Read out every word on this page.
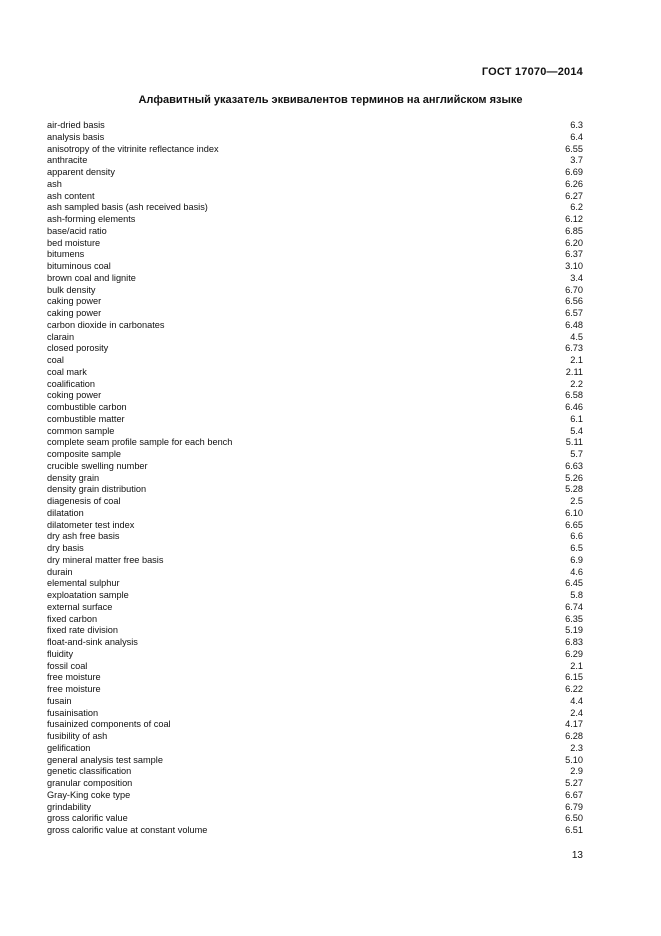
ГОСТ 17070—2014
Алфавитный указатель эквивалентов терминов на английском языке
air-dried basis	6.3
analysis basis	6.4
anisotropy of the vitrinite reflectance index	6.55
anthracite	3.7
apparent density	6.69
ash	6.26
ash content	6.27
ash sampled basis (ash received basis)	6.2
ash-forming elements	6.12
base/acid ratio	6.85
bed moisture	6.20
bitumens	6.37
bituminous coal	3.10
brown coal and lignite	3.4
bulk density	6.70
caking power	6.56
caking power	6.57
carbon dioxide in carbonates	6.48
clarain	4.5
closed porosity	6.73
coal	2.1
coal mark	2.11
coalification	2.2
coking power	6.58
combustible carbon	6.46
combustible matter	6.1
common sample	5.4
complete seam profile sample for each bench	5.11
composite sample	5.7
crucible swelling number	6.63
density grain	5.26
density grain distribution	5.28
diagenesis of coal	2.5
dilatation	6.10
dilatometer test index	6.65
dry ash free basis	6.6
dry basis	6.5
dry mineral matter free basis	6.9
durain	4.6
elemental sulphur	6.45
exploatation sample	5.8
external surface	6.74
fixed carbon	6.35
fixed rate division	5.19
float-and-sink analysis	6.83
fluidity	6.29
fossil coal	2.1
free moisture	6.15
free moisture	6.22
fusain	4.4
fusainisation	2.4
fusainized components of coal	4.17
fusibility of ash	6.28
gelification	2.3
general analysis test sample	5.10
genetic classification	2.9
granular composition	5.27
Gray-King coke type	6.67
grindability	6.79
gross calorific value	6.50
gross calorific value at constant volume	6.51
13
